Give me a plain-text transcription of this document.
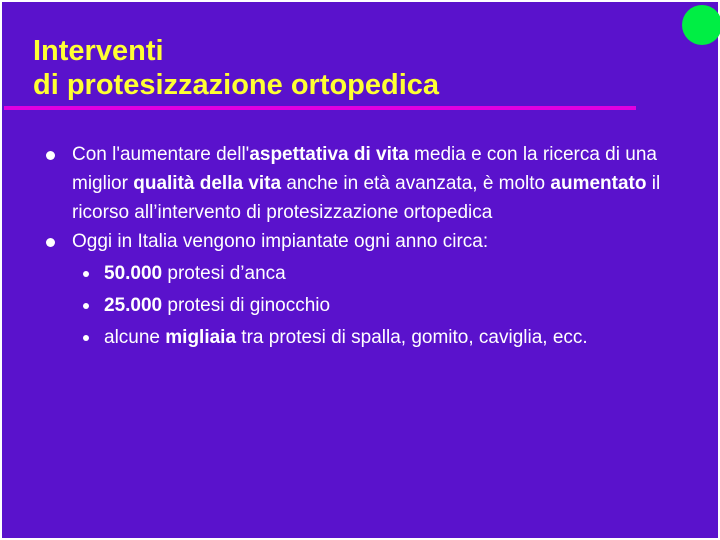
Interventi
di protesizzazione ortopedica
Con l'aumentare dell'aspettativa di vita media e con la ricerca di una miglior qualità della vita anche in età avanzata, è molto aumentato il ricorso all’intervento di protesizzazione ortopedica
Oggi in Italia vengono impiantate ogni anno circa:
50.000 protesi d’anca
25.000 protesi di ginocchio
alcune migliaia tra protesi di spalla, gomito, caviglia, ecc.
